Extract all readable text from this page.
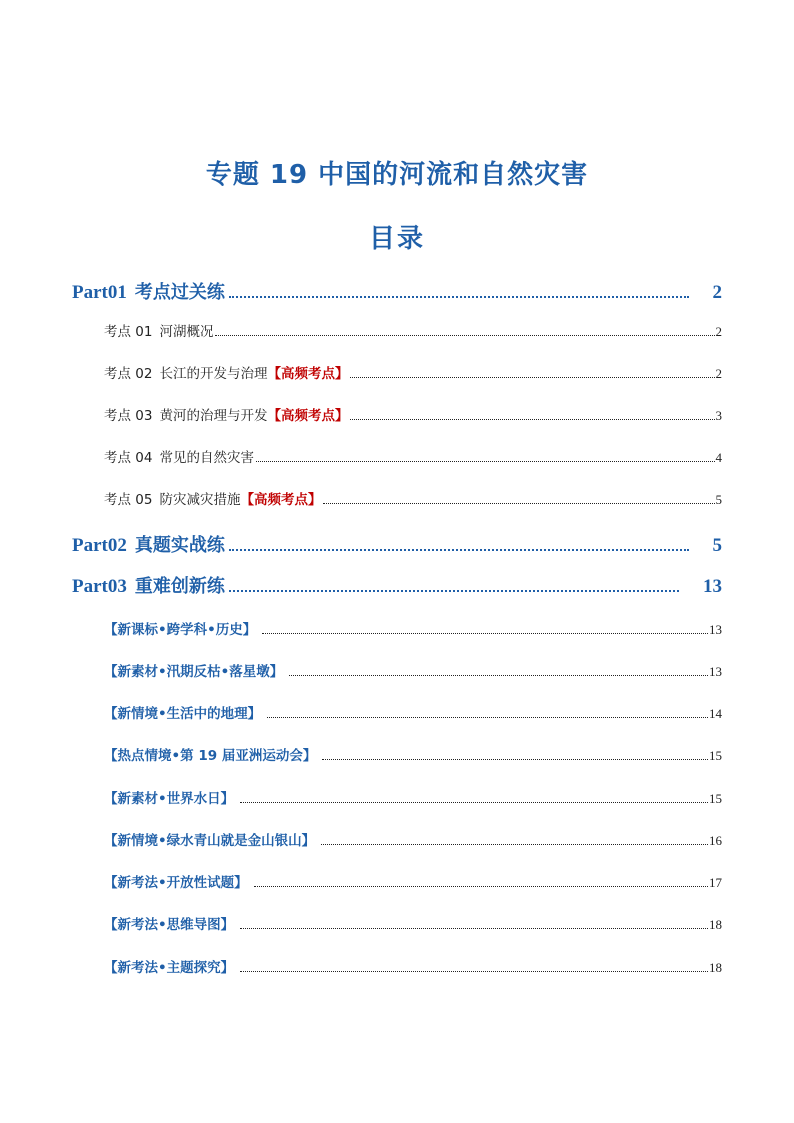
专题 19 中国的河流和自然灾害
目录
Part01 考点过关练	2
考点 01 河湖概况	2
考点 02 长江的开发与治理【高频考点】	2
考点 03 黄河的治理与开发【高频考点】	3
考点 04 常见的自然灾害	4
考点 05 防灾减灾措施【高频考点】	5
Part02 真题实战练	5
Part03 重难创新练	13
【新课标•跨学科•历史】	13
【新素材•汛期反枯•落星墩】	13
【新情境•生活中的地理】	14
【热点情境•第 19 届亚洲运动会】	15
【新素材•世界水日】	15
【新情境•绿水青山就是金山银山】	16
【新考法•开放性试题】	17
【新考法•思维导图】	18
【新考法•主题探究】	18
